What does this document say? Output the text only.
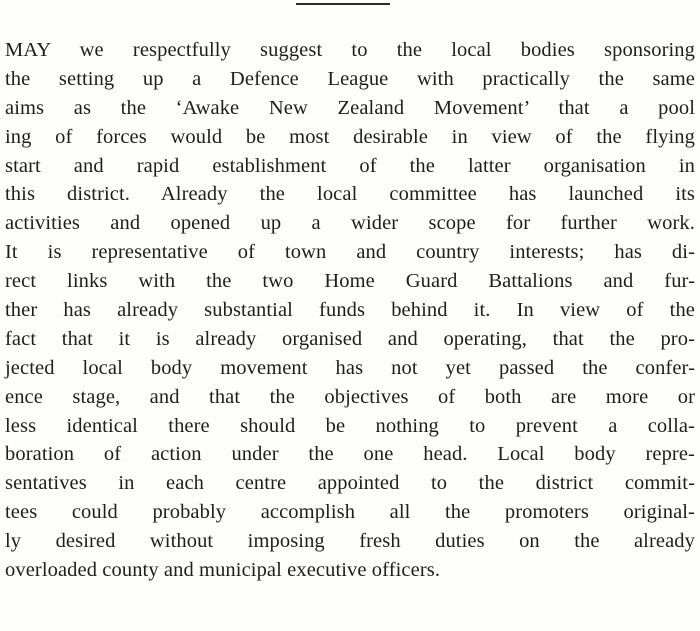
MAY we respectfully suggest to the local bodies sponsoring
the setting up a Defence League with practically the same
aims as the ‘Awake New Zealand Movement’ that a pool
ing of forces would be most desirable in view of the flying
start and rapid establishment of the latter organisation in
this district. Already the local committee has launched its
activities and opened up a wider scope for further work.
It is representative of town and country interests; has di-
rect links with the two Home Guard Battalions and fur-
ther has already substantial funds behind it. In view of the
fact that it is already organised and operating, that the pro-
jected local body movement has not yet passed the confer-
ence stage, and that the objectives of both are more or
less identical there should be nothing to prevent a colla-
boration of action under the one head. Local body repre-
sentatives in each centre appointed to the district commit-
tees could probably accomplish all the promoters original-
ly desired without imposing fresh duties on the already
overloaded county and municipal executive officers.
